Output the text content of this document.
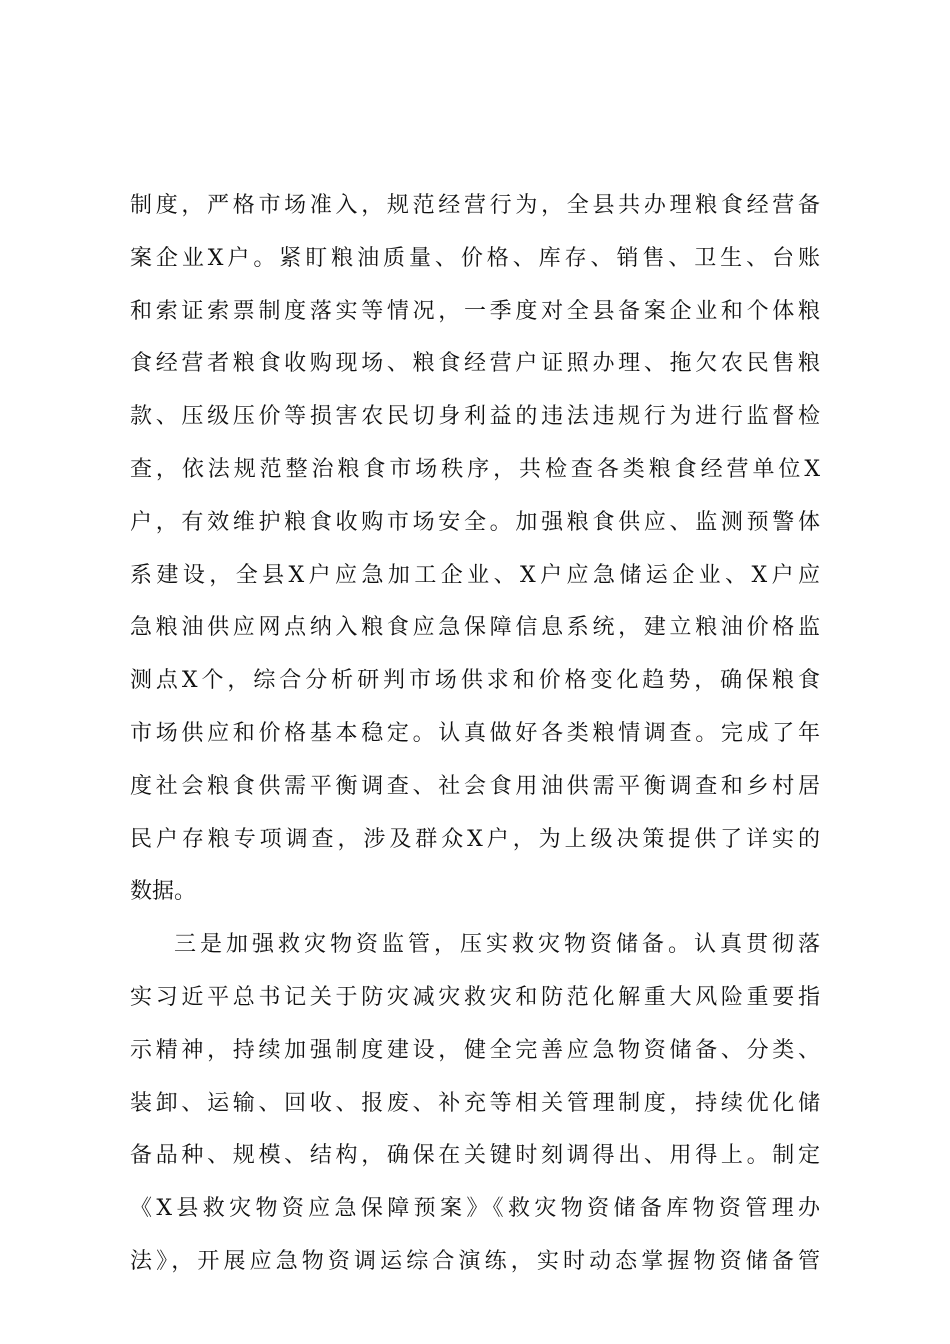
制度，严格市场准入，规范经营行为，全县共办理粮食经营备
案企业X户。紧盯粮油质量、价格、库存、销售、卫生、台账
和索证索票制度落实等情况，一季度对全县备案企业和个体粮
食经营者粮食收购现场、粮食经营户证照办理、拖欠农民售粮
款、压级压价等损害农民切身利益的违法违规行为进行监督检
查，依法规范整治粮食市场秩序，共检查各类粮食经营单位X
户，有效维护粮食收购市场安全。加强粮食供应、监测预警体
系建设，全县X户应急加工企业、X户应急储运企业、X户应
急粮油供应网点纳入粮食应急保障信息系统，建立粮油价格监
测点X个，综合分析研判市场供求和价格变化趋势，确保粮食
市场供应和价格基本稳定。认真做好各类粮情调查。完成了年
度社会粮食供需平衡调查、社会食用油供需平衡调查和乡村居
民户存粮专项调查，涉及群众X户，为上级决策提供了详实的
数据。
三是加强救灾物资监管，压实救灾物资储备。认真贯彻落
实习近平总书记关于防灾减灾救灾和防范化解重大风险重要指
示精神，持续加强制度建设，健全完善应急物资储备、分类、
装卸、运输、回收、报废、补充等相关管理制度，持续优化储
备品种、规模、结构，确保在关键时刻调得出、用得上。制定
《X县救灾物资应急保障预案》《救灾物资储备库物资管理办
法》，开展应急物资调运综合演练，实时动态掌握物资储备管
